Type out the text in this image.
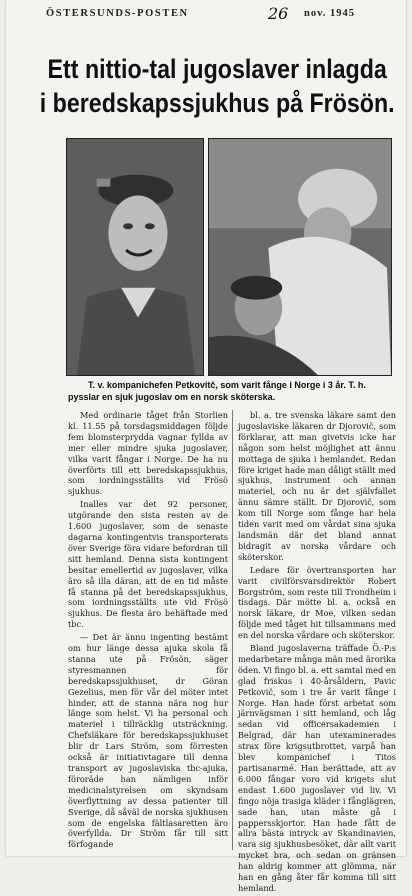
ÖSTERSUNDS-POSTEN	26 nov. 1945
Ett nittio-tal jugoslaver inlagda
i beredskapssjukhus på Frösön.
T. v. kompanichefen Petkovitč, som varit fånge i Norge i 3 år. T. h. pysslar en sjuk jugoslav om en norsk sköterska.

Med ordinarie tåget från Storlien kl. 11.55 på torsdagsmiddagen följde fem blomsterprydda vagnar fyllda av mer eller mindre sjuka jugoslaver, vilka varit fångar i Norge. De ha nu överförts till ett beredskapssjukhus, som iordningsställts vid Frösö sjukhus.

Inalles var det 92 personer, utgörande den sista resten av de 1.600 jugoslaver, som de senaste dagarna kontingentvis transporterats över Sverige föra vidare befordran till sitt hemland. Denna sista kontingent besitar emellertid av jugoslaver, vilka äro så illa däran, att de en tid måste få stanna på det beredskapssjukhus, som iordningsställts ute vid Frösö sjukhus. De flesta äro behäftade med tbc.

— Det är ännu ingenting bestämt om hur länge dessa ajuka skola få stanna ute på Frösön, säger styresmannen för beredskapssjukhuset, dr Göran Gezelius, men för vår del möter intet hinder, att de stanna nära nog hur länge som helst. Vi ha personal och materiel i tillräcklig utsträckning. Chefsläkare för beredskapssjukhuset blir dr Lars Ström, som förresten också är initiativtagare till denna transport av jugoslaviska tbc-ajuka, föroräde han nämligen inför medicinalstyrelsen om skyndsam överflyttning av dessa patienter till Sverige, då såväl de norska sjukhusen som de engelska fältlasaretten äro överfyllda. Dr Ström får till sitt förfogande

bl. a. tre svenska läkare samt den jugoslaviske läkaren dr Djorovič, som förklarar, att man givetvis icke har någon som helst möjlighet att ännu mottaga de sjuka i hemlandet. Redan före kriget hade man dåligt ställt med sjukhus, instrument och annan materiel, och nu är det självfallet ännu sämre ställt. Dr Djorovič, som kom till Norge som fånge har hela tiden varit med om vårdat sina sjuka landsmän där det bland annat bidragit av norska vårdare och sköterskor.

Ledare för övertransporten har varit civilförsvarsdirektör Robert Borgström, som reste till Trondheim i tisdags. Där mötte bl. a. också en norsk läkare, dr Moe, vilken sedan följde med tåget hit tillsammans med en del norska vårdare och sköterskor.

Bland jugoslaverna träffade Ö.-P:s medarbetare många män med ärorika öden. Vi fingo bl. a. ett samtal med en glad friskus i 40-årsåldern, Pavic Petkovič, som i tre år varit fånge i Norge. Han hade först arbetat som järnvägsman i sitt hemland, och låg sedan vid officersakademien i Belgrad, där han utexaminerades strax före krigsutbrottet, varpå han blev kompanichef i Titos partisanarmé. Han berättade, att av 6.000 fångar voro vid krigets slut endast 1.600 jugoslaver vid liv. Vi fingo nöja trasiga kläder i fånglägren, sade han, utan måste gå i pappersskjortor. Han hade fått de allra bästa intryck av Skandinavien, vara sig sjukhusbesöket, där allt varit mycket bra, och sedan on gränsen han aldrig kommer att glömma, när han en gång åter får komma till sitt hemland.
